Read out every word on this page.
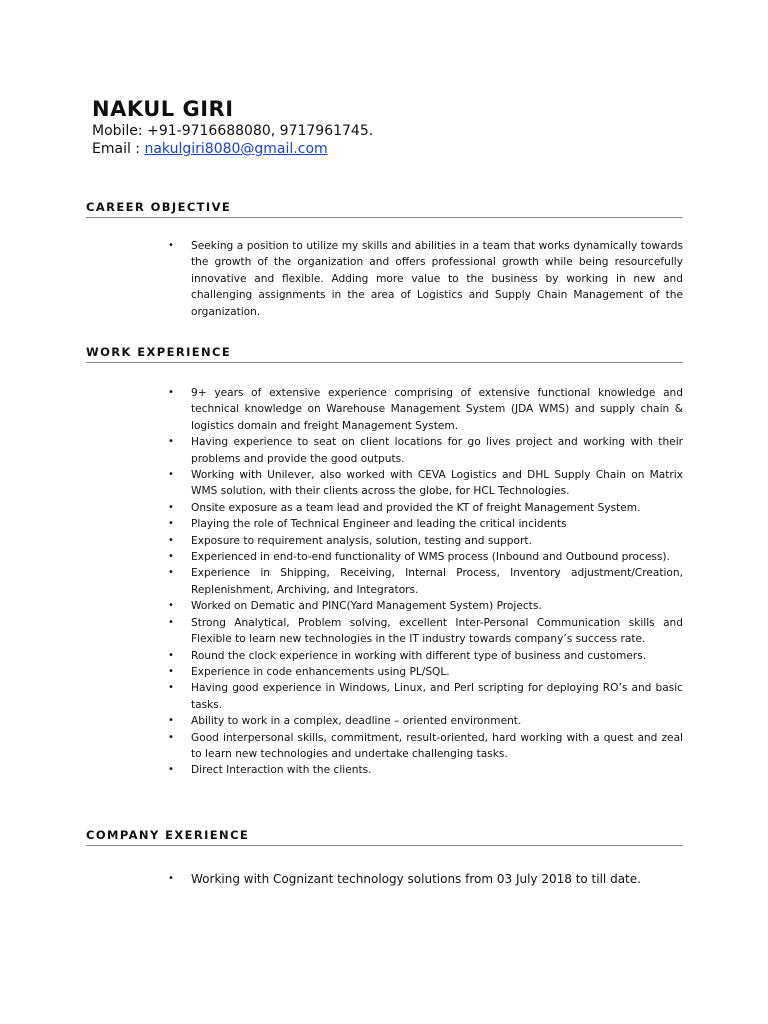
NAKUL GIRI
Mobile: +91-9716688080, 9717961745.
Email : nakulgiri8080@gmail.com
CAREER OBJECTIVE
• Seeking a position to utilize my skills and abilities in a team that works dynamically towards the growth of the organization and offers professional growth while being resourcefully innovative and flexible. Adding more value to the business by working in new and challenging assignments in the area of Logistics and Supply Chain Management of the organization.
WORK EXPERIENCE
• 9+ years of extensive experience comprising of extensive functional knowledge and technical knowledge on Warehouse Management System (JDA WMS) and supply chain & logistics domain and freight Management System.
• Having experience to seat on client locations for go lives project and working with their problems and provide the good outputs.
• Working with Unilever, also worked with CEVA Logistics and DHL Supply Chain on Matrix WMS solution, with their clients across the globe, for HCL Technologies.
• Onsite exposure as a team lead and provided the KT of freight Management System.
• Playing the role of Technical Engineer and leading the critical incidents
• Exposure to requirement analysis, solution, testing and support.
• Experienced in end-to-end functionality of WMS process (Inbound and Outbound process).
• Experience in Shipping, Receiving, Internal Process, Inventory adjustment/Creation, Replenishment, Archiving, and Integrators.
• Worked on Dematic and PINC(Yard Management System) Projects.
• Strong Analytical, Problem solving, excellent Inter-Personal Communication skills and Flexible to learn new technologies in the IT industry towards company’s success rate.
• Round the clock experience in working with different type of business and customers.
• Experience in code enhancements using PL/SQL.
• Having good experience in Windows, Linux, and Perl scripting for deploying RO’s and basic tasks.
• Ability to work in a complex, deadline – oriented environment.
• Good interpersonal skills, commitment, result-oriented, hard working with a quest and zeal to learn new technologies and undertake challenging tasks.
• Direct Interaction with the clients.
COMPANY EXERIENCE
• Working with Cognizant technology solutions from 03 July 2018 to till date.
